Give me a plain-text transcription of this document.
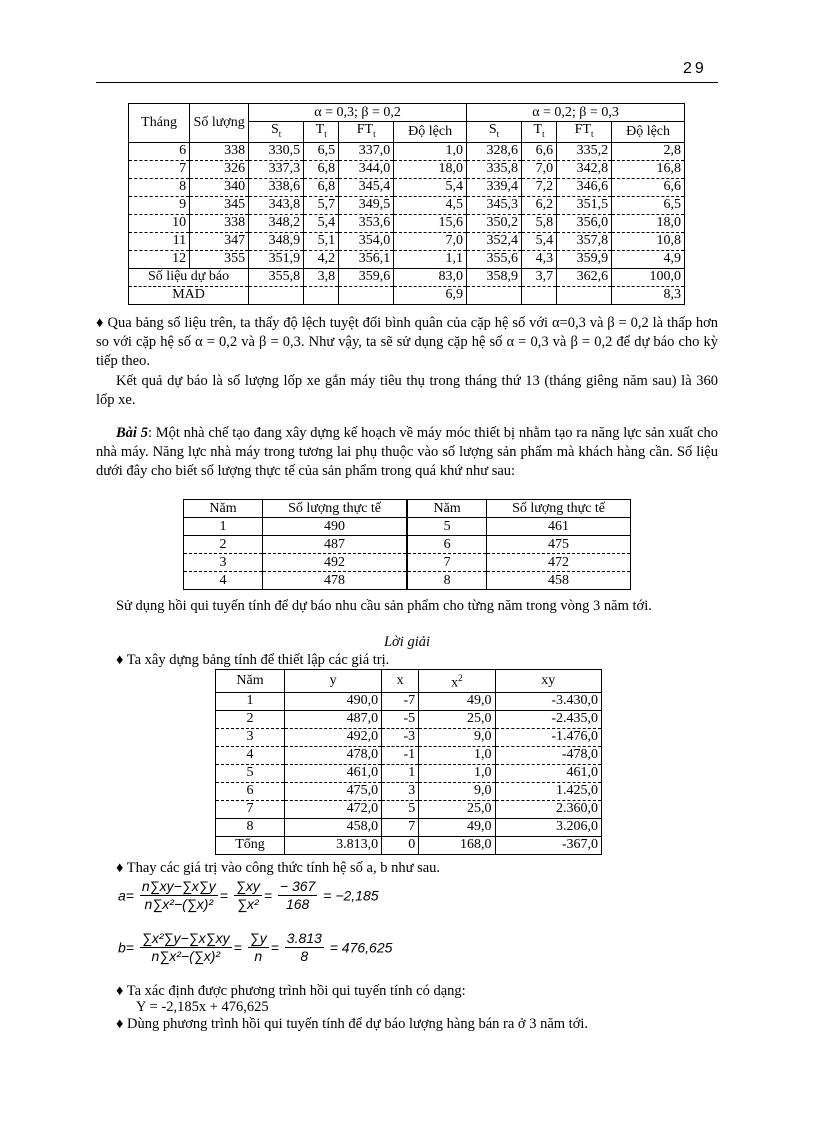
29
Tháng	Số lượng	α = 0,3; β = 0,2				α = 0,2; β = 0,3			
		$S_t$	$T_t$	$FT_t$	Độ lệch	$S_t$	$T_t$	$FT_t$	Độ lệch
6	338	330,5	6,5	337,0	1,0	328,6	6,6	335,2	2,8
7	326	337,3	6,8	344,0	18,0	335,8	7,0	342,8	16,8
8	340	338,6	6,8	345,4	5,4	339,4	7,2	346,6	6,6
9	345	343,8	5,7	349,5	4,5	345,3	6,2	351,5	6,5
10	338	348,2	5,4	353,6	15,6	350,2	5,8	356,0	18,0
11	347	348,9	5,1	354,0	7,0	352,4	5,4	357,8	10,8
12	355	351,9	4,2	356,1	1,1	355,6	4,3	359,9	4,9
Số liệu dự báo		355,8	3,8	359,6	83,0	358,9	3,7	362,6	100,0
MAD					6,9				8,3
♦ Qua bảng số liệu trên, ta thấy độ lệch tuyệt đối bình quân của cặp hệ số với α=0,3 và β = 0,2 là thấp hơn so với cặp hệ số α = 0,2 và β = 0,3. Như vậy, ta sẽ sử dụng cặp hệ số α = 0,3 và β = 0,2 để dự báo cho kỳ tiếp theo.
Kết quả dự báo là số lượng lốp xe gắn máy tiêu thụ trong tháng thứ 13 (tháng giêng năm sau) là 360 lốp xe.
Bài 5: Một nhà chế tạo đang xây dựng kế hoạch về máy móc thiết bị nhằm tạo ra năng lực sản xuất cho nhà máy. Năng lực nhà máy trong tương lai phụ thuộc vào số lượng sản phẩm mà khách hàng cần. Số liệu dưới đây cho biết số lượng thực tế của sản phẩm trong quá khứ như sau:
Năm	Số lượng thực tế	Năm	Số lượng thực tế
1	490	5	461
2	487	6	475
3	492	7	472
4	478	8	458
Sử dụng hồi qui tuyến tính để dự báo nhu cầu sản phẩm cho từng năm trong vòng 3 năm tới.
Lời giải
♦ Ta xây dựng bảng tính để thiết lập các giá trị.
Năm	y	x	$x^2$	xy
1	490,0	-7	49,0	-3.430,0
2	487,0	-5	25,0	-2.435,0
3	492,0	-3	9,0	-1.476,0
4	478,0	-1	1,0	-478,0
5	461,0	1	1,0	461,0
6	475,0	3	9,0	1.425,0
7	472,0	5	25,0	2.360,0
8	458,0	7	49,0	3.206,0
Tổng	3.813,0	0	168,0	-367,0
♦ Thay các giá trị vào công thức tính hệ số a, b như sau.
$a= \frac{n\sum xy-\sum x\sum y}{\text{n∑x²−(∑x)²}} = \frac{\sum xy}{\text{∑x²}} = \frac{- 367}{168} = -2,185$
$b= \frac{\text{∑x²∑y−∑x∑xy}}{\text{n∑x²−(∑x)²}} = \frac{\sum y}{n} = \frac{3.813}{8} = 476,625$
♦ Ta xác định được phương trình hồi qui tuyến tính có dạng:
Y = -2,185x + 476,625
♦ Dùng phương trình hồi qui tuyến tính để dự báo lượng hàng bán ra ở 3 năm tới.
